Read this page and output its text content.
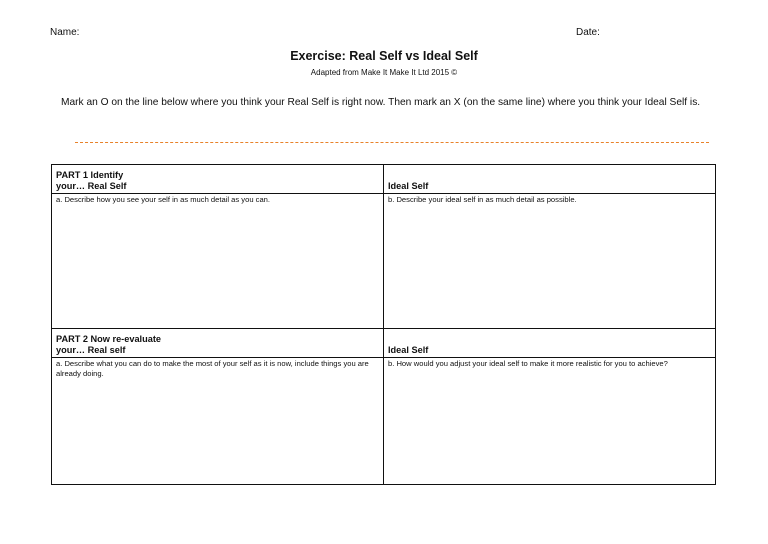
Name:	Date:
Exercise: Real Self vs Ideal Self
Adapted from Make It Make It Ltd 2015 ©
Mark an O on the line below where you think your Real Self is right now. Then mark an X (on the same line) where you think your Ideal Self is.
PART 1 Identify
your… Real Self	Ideal Self
a. Describe how you see your self in as much detail as you can.	b. Describe your ideal self in as much detail as possible.

PART 2 Now re-evaluate
your… Real self	Ideal Self
a. Describe what you can do to make the most of your self as it is now, include things you are already doing.	b. How would you adjust your ideal self to make it more realistic for you to achieve?
